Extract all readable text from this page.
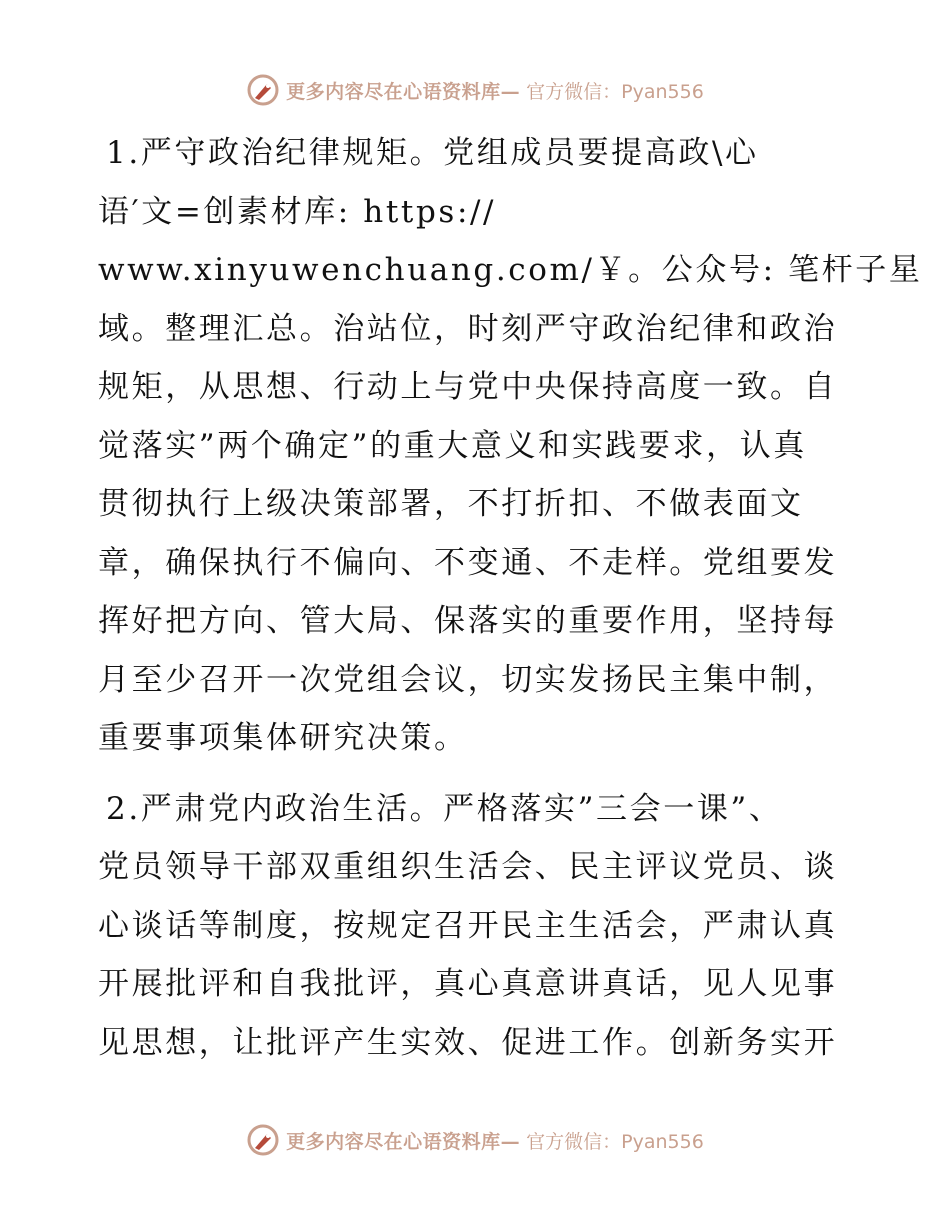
更多内容尽在心语资料库— 官方微信：Pyan556

1.严守政治纪律规矩。党组成员要提高政\心
语′文=创素材库: https://
www.xinyuwenchuang.com/￥。公众号: 笔杆子星
域。整理汇总。治站位，时刻严守政治纪律和政治
规矩，从思想、行动上与党中央保持高度一致。自
觉落实”两个确定”的重大意义和实践要求，认真
贯彻执行上级决策部署，不打折扣、不做表面文
章，确保执行不偏向、不变通、不走样。党组要发
挥好把方向、管大局、保落实的重要作用，坚持每
月至少召开一次党组会议，切实发扬民主集中制，
重要事项集体研究决策。

2.严肃党内政治生活。严格落实”三会一课”、
党员领导干部双重组织生活会、民主评议党员、谈
心谈话等制度，按规定召开民主生活会，严肃认真
开展批评和自我批评，真心真意讲真话，见人见事
见思想，让批评产生实效、促进工作。创新务实开

更多内容尽在心语资料库— 官方微信：Pyan556
